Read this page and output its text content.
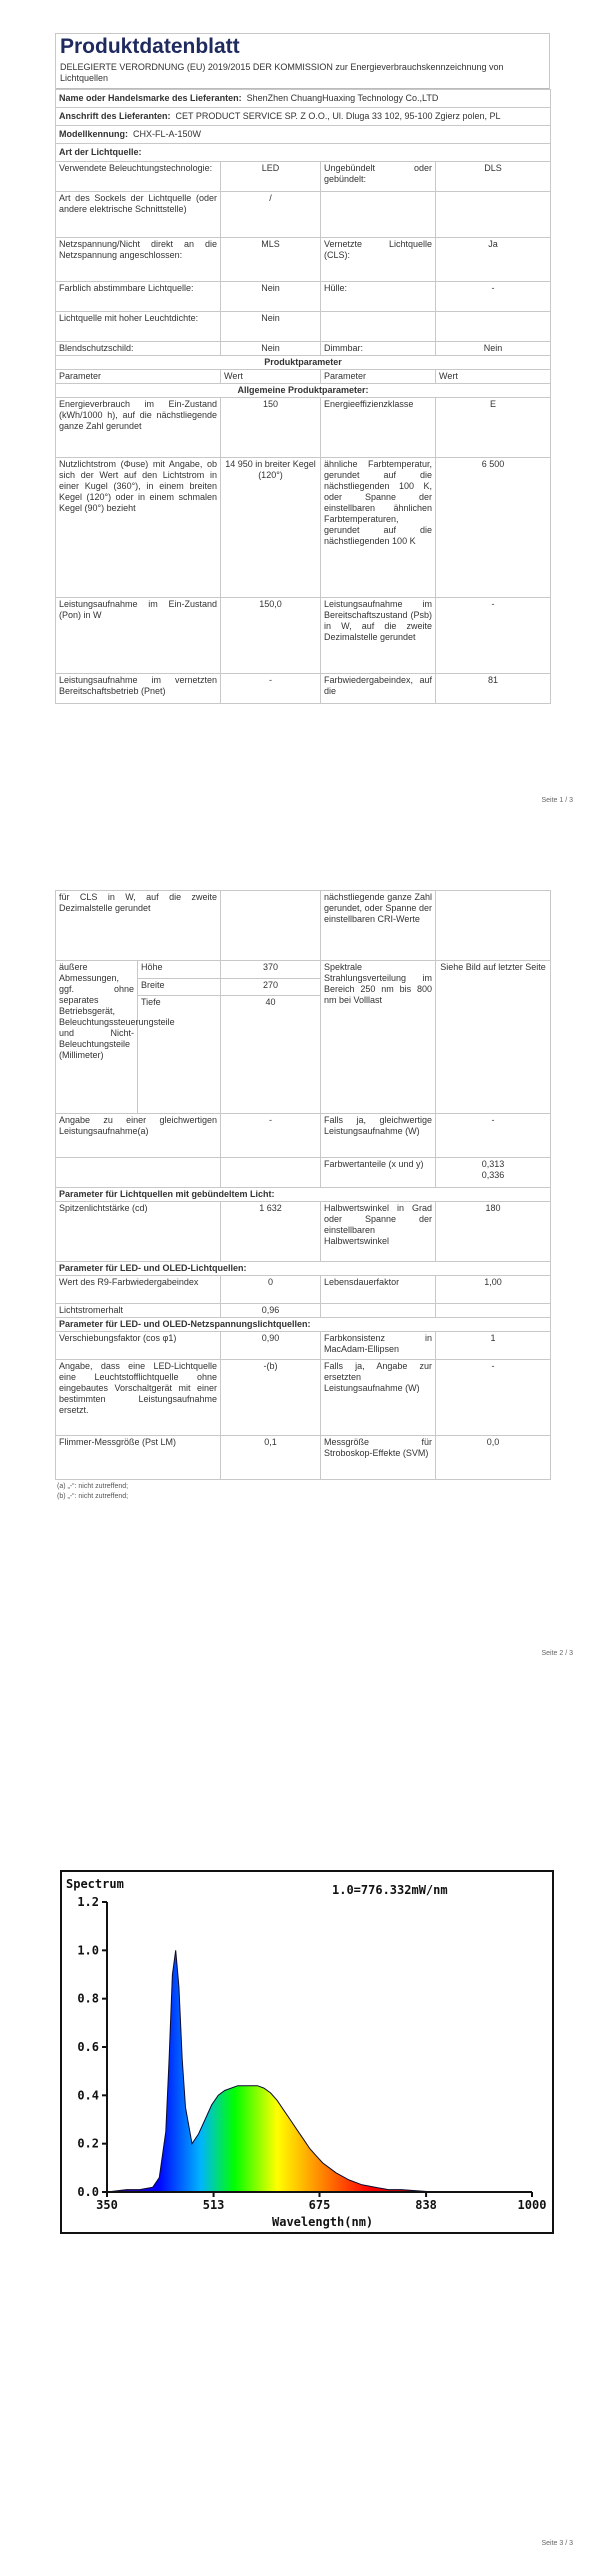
Produktdatenblatt
DELEGIERTE VERORDNUNG (EU) 2019/2015 DER KOMMISSION zur Energieverbrauchskennzeichnung von Lichtquellen
Name oder Handelsmarke des Lieferanten: ShenZhen ChuangHuaxing Technology Co.,LTD			
Anschrift des Lieferanten: CET PRODUCT SERVICE SP. Z O.O., Ul. Dluga 33 102, 95-100 Zgierz polen, PL			
Modellkennung: CHX-FL-A-150W			
Art der Lichtquelle:			
Verwendete Beleuchtungstechnologie:	LED	Ungebündelt oder gebündelt:	DLS
Art des Sockels der Lichtquelle (oder andere elektrische Schnittstelle)	/		
Netzspannung/Nicht direkt an die Netzspannung angeschlossen:	MLS	Vernetzte Lichtquelle (CLS):	Ja
Farblich abstimmbare Lichtquelle:	Nein	Hülle:	-
Lichtquelle mit hoher Leuchtdichte:	Nein		
Blendschutzschild:	Nein	Dimmbar:	Nein
Produktparameter			
Parameter	Wert	Parameter	Wert
Allgemeine Produktparameter:			
Energieverbrauch im Ein-Zustand (kWh/1000 h), auf die nächstliegende ganze Zahl gerundet	150	Energieeffizienzklasse	E
Nutzlichtstrom (Φuse) mit Angabe, ob sich der Wert auf den Lichtstrom in einer Kugel (360°), in einem breiten Kegel (120°) oder in einem schmalen Kegel (90°) bezieht	14 950 in breiter Kegel (120°)	ähnliche Farbtemperatur, gerundet auf die nächstliegenden 100 K, oder Spanne der einstellbaren ähnlichen Farbtemperaturen, gerundet auf die nächstliegenden 100 K	6 500
Leistungsaufnahme im Ein-Zustand (Pon) in W	150,0	Leistungsaufnahme im Bereitschaftszustand (Psb) in W, auf die zweite Dezimalstelle gerundet	-
Leistungsaufnahme im vernetzten Bereitschaftsbetrieb (Pnet)	-	Farbwiedergabeindex, auf die	81
Seite 1 / 3
für CLS in W, auf die zweite Dezimalstelle gerundet			nächstliegende ganze Zahl gerundet, oder Spanne der einstellbaren CRI-Werte	
äußere Abmessungen, ggf. ohne separates Betriebsgerät, Beleuchtungssteuerungsteile und Nicht-Beleuchtungsteile (Millimeter)	Höhe	370	Spektrale Strahlungsverteilung im Bereich 250 nm bis 800 nm bei Volllast	Siehe Bild auf letzter Seite
	Breite	270		
	Tiefe	40		
Angabe zu einer gleichwertigen Leistungsaufnahme(a)		-	Falls ja, gleichwertige Leistungsaufnahme (W)	-
			Farbwertanteile (x und y)	0,313
0,336
Parameter für Lichtquellen mit gebündeltem Licht:				
Spitzenlichtstärke (cd)		1 632	Halbwertswinkel in Grad oder Spanne der einstellbaren Halbwertswinkel	180
Parameter für LED- und OLED-Lichtquellen:				
Wert des R9-Farbwiedergabeindex		0	Lebensdauerfaktor	1,00
Lichtstromerhalt		0,96		
Parameter für LED- und OLED-Netzspannungslichtquellen:				
Verschiebungsfaktor (cos φ1)		0,90	Farbkonsistenz in MacAdam-Ellipsen	1
Angabe, dass eine LED-Lichtquelle eine Leuchtstofflichtquelle ohne eingebautes Vorschaltgerät mit einer bestimmten Leistungsaufnahme ersetzt.		-(b)	Falls ja, Angabe zur ersetzten Leistungsaufnahme (W)	-
Flimmer-Messgröße (Pst LM)		0,1	Messgröße für Stroboskop-Effekte (SVM)	0,0
(a) „-“: nicht zutreffend;
(b) „-“: nicht zutreffend;
Seite 2 / 3
Spectrum	1.0=776.332mW/nm
0.0
0.2
0.4
0.6
0.8
1.0
1.2
350	513	675	838	1000
Wavelength(nm)
Seite 3 / 3
